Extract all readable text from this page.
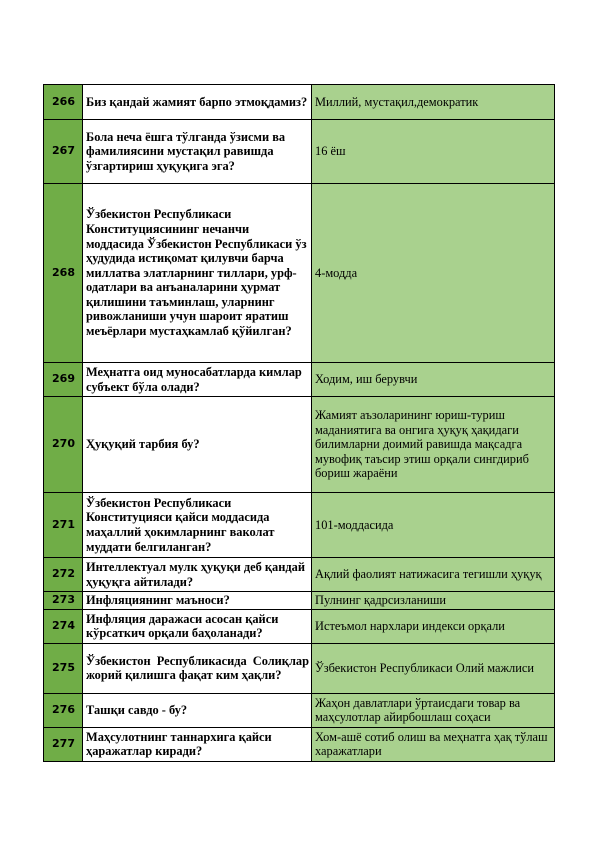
266	Биз қандай жамият барпо этмоқдамиз?	Миллий, мустақил,демократик
267	Бола неча ёшга тўлганда ўзисми ва фамилиясини мустақил равишда ўзгартириш ҳуқуқига эга?	16 ёш
268	Ўзбекистон Республикаси Конституциясининг нечанчи моддасида Ўзбекистон Республикаси ўз ҳудудида истиқомат қилувчи барча миллатва элатларнинг тиллари, урф-одатлари ва анъаналарини ҳурмат қилишини таъминлаш, уларнинг ривожланиши учун шароит яратиш меъёрлари мустаҳкамлаб қўйилган?	4-модда
269	Меҳнатга оид муносабатларда кимлар субъект бўла олади?	Ходим, иш берувчи
270	Ҳуқуқий тарбия бу?	Жамият аъзоларининг юриш-туриш маданиятига ва онгига ҳуқуқ ҳақидаги билимларни доимий равишда мақсадга мувофиқ таъсир этиш орқали сингдириб бориш жараёни
271	Ўзбекистон Республикаси Конституцияси қайси моддасида маҳаллий ҳокимларнинг ваколат муддати белгиланган?	101-моддасида
272	Интеллектуал мулк ҳуқуқи деб қандай ҳуқуқга айтилади?	Ақлий фаолият натижасига тегишли ҳуқуқ
273	Инфляциянинг маъноси?	Пулнинг қадрсизланиши
274	Инфляция даражаси асосан қайси кўрсаткич орқали баҳоланади?	Истеъмол нархлари индекси орқали
275	Ўзбекистон Республикасида Солиқлар жорий қилишга фақат ким ҳақли?	Ўзбекистон Республикаси Олий мажлиси
276	Ташқи савдо - бу?	Жаҳон давлатлари ўртаисдаги товар ва маҳсулотлар айирбошлаш соҳаси
277	Маҳсулотнинг таннархига қайси ҳаражатлар киради?	Хом-ашё сотиб олиш ва меҳнатга ҳақ тўлаш харажатлари
